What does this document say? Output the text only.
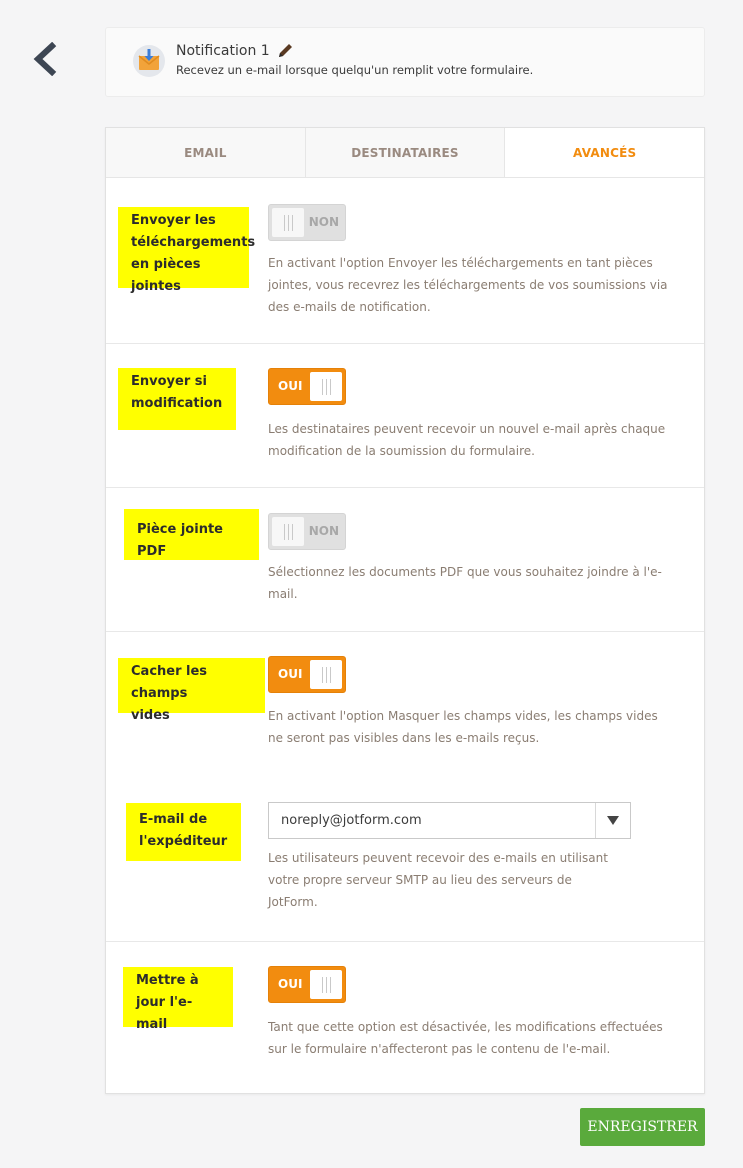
Notification 1
Recevez un e-mail lorsque quelqu'un remplit votre formulaire.
EMAIL	DESTINATAIRES	AVANCÉS
Envoyer les
téléchargements
en pièces jointes
NON
En activant l'option Envoyer les téléchargements en tant pièces
jointes, vous recevrez les téléchargements de vos soumissions via
des e-mails de notification.
Envoyer si
modification
OUI
Les destinataires peuvent recevoir un nouvel e-mail après chaque
modification de la soumission du formulaire.
Pièce jointe PDF
NON
Sélectionnez les documents PDF que vous souhaitez joindre à l'e-
mail.
Cacher les champs
vides
OUI
En activant l'option Masquer les champs vides, les champs vides
ne seront pas visibles dans les e-mails reçus.
E-mail de
l'expéditeur
noreply@jotform.com
Les utilisateurs peuvent recevoir des e-mails en utilisant
votre propre serveur SMTP au lieu des serveurs de
JotForm.
Mettre à jour l'e-
mail
OUI
Tant que cette option est désactivée, les modifications effectuées
sur le formulaire n'affecteront pas le contenu de l'e-mail.
ENREGISTRER
